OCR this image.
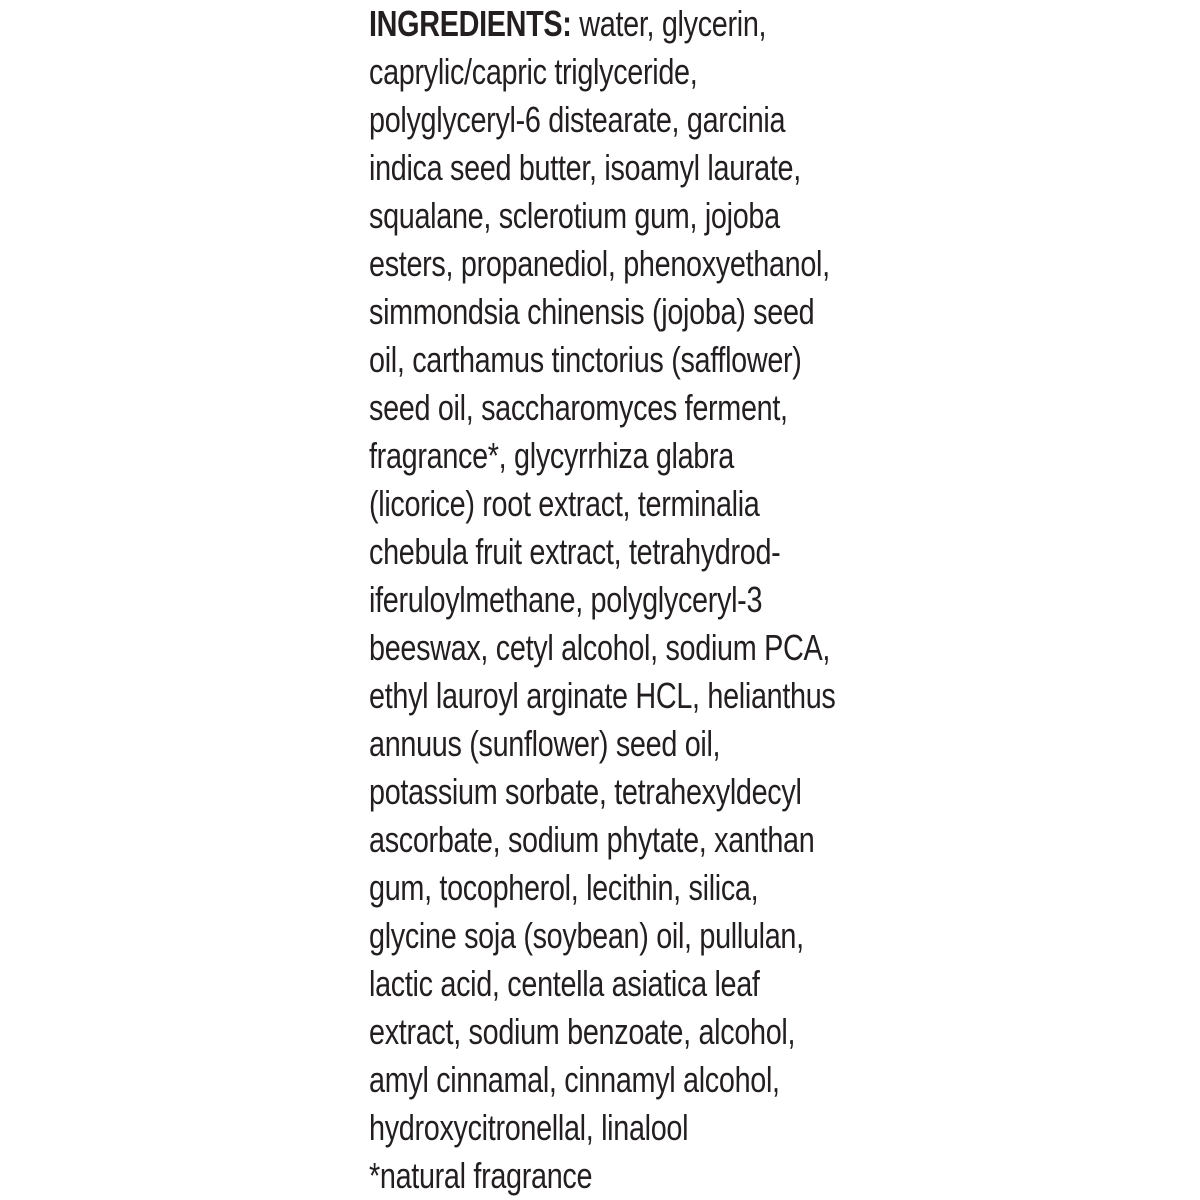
INGREDIENTS: water, glycerin,
caprylic/capric triglyceride,
polyglyceryl-6 distearate, garcinia
indica seed butter, isoamyl laurate,
squalane, sclerotium gum, jojoba
esters, propanediol, phenoxyethanol,
simmondsia chinensis (jojoba) seed
oil, carthamus tinctorius (safflower)
seed oil, saccharomyces ferment,
fragrance*, glycyrrhiza glabra
(licorice) root extract, terminalia
chebula fruit extract, tetrahydrod-
iferuloylmethane, polyglyceryl-3
beeswax, cetyl alcohol, sodium PCA,
ethyl lauroyl arginate HCL, helianthus
annuus (sunflower) seed oil,
potassium sorbate, tetrahexyldecyl
ascorbate, sodium phytate, xanthan
gum, tocopherol, lecithin, silica,
glycine soja (soybean) oil, pullulan,
lactic acid, centella asiatica leaf
extract, sodium benzoate, alcohol,
amyl cinnamal, cinnamyl alcohol,
hydroxycitronellal, linalool
*natural fragrance
